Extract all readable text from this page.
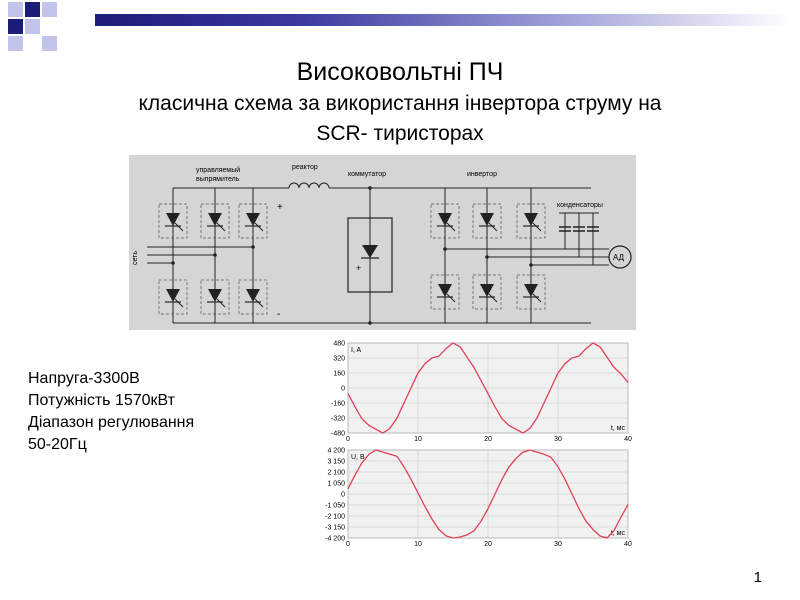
Високовольтні ПЧ
класична схема за використання інвертора струму на
SCR- тиристорах
управляемый
выпрямитель
реактор
коммутатор	инвертор
конденсаторы
сеть
+
-
+
АД
Напруга-3300В
Потужність 1570кВт
Діапазон регулювання
50-20Гц
480
320
160
0
-160
-320
-480
0	10	20	30	40
I, A
t, мс
4 200
3 150
2 100
1 050
0
-1 050
-2 100
-3 150
-4 200
0	10	20	30	40
U, B
t, мс
1
